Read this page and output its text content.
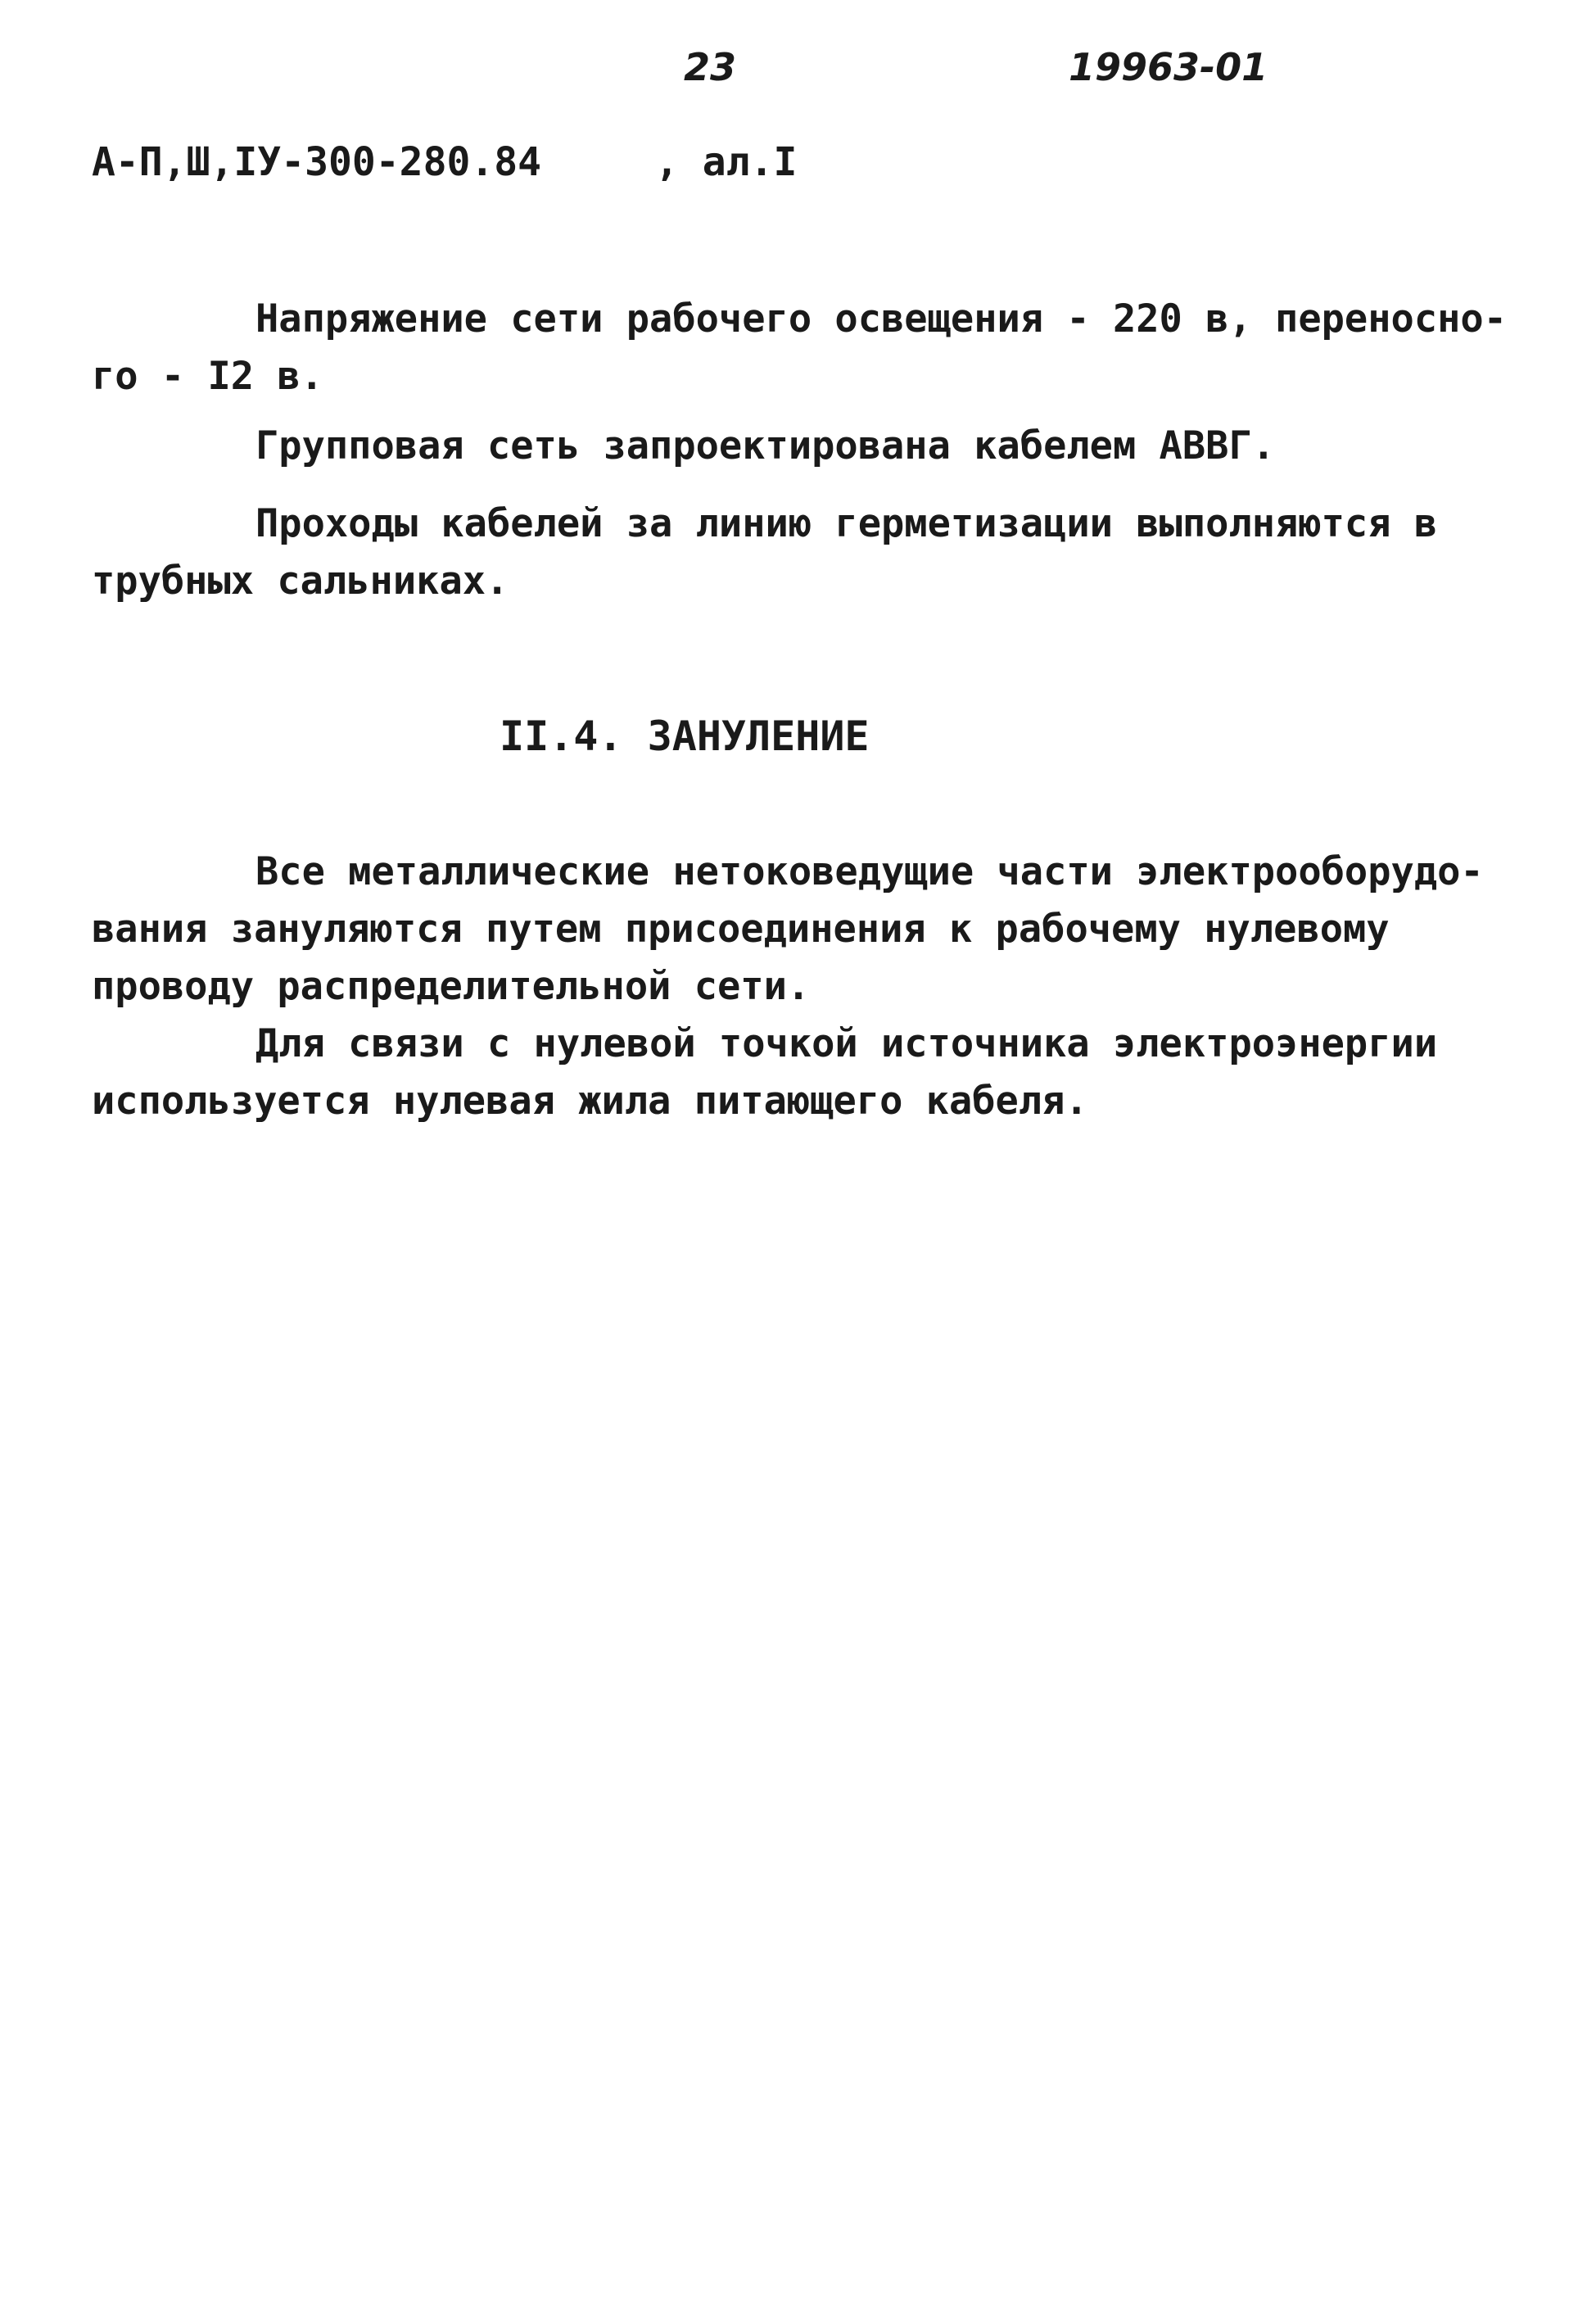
23	19963-01
А-П,Ш,IУ-300-280.84	, ал.I
Напряжение сети рабочего освещения - 220 в, переносно-
го - I2 в.
Групповая сеть запроектирована кабелем АВВГ.
Проходы кабелей за линию герметизации выполняются в
трубных сальниках.
II.4. ЗАНУЛЕНИЕ
Все металлические нетоковедущие части электрооборудо-
вания зануляются путем присоединения к рабочему нулевому
проводу распределительной сети.
Для связи с нулевой точкой источника электроэнергии
используется нулевая жила питающего кабеля.
